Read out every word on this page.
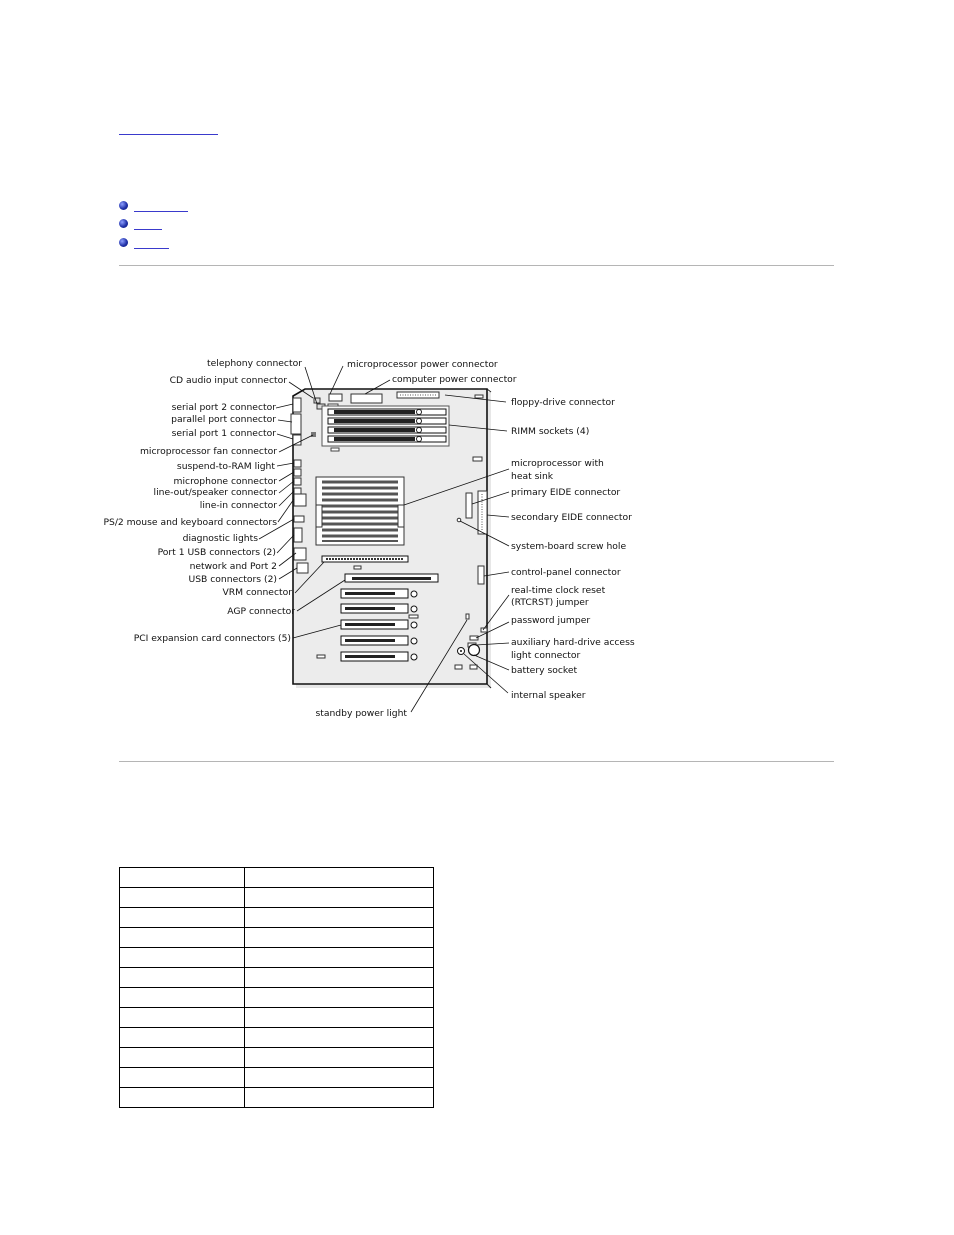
telephony connector
CD audio input connector
serial port 2 connector
parallel port connector
serial port 1 connector
microprocessor fan connector
suspend-to-RAM light
microphone connector
line-out/speaker connector
line-in connector
PS/2 mouse and keyboard connectors
diagnostic lights
Port 1 USB connectors (2)
network and Port 2
USB connectors (2)
VRM connector
AGP connector
PCI expansion card connectors (5)
microprocessor power connector
computer power connector
floppy-drive connector
RIMM sockets (4)
microprocessor with
heat sink
primary EIDE connector
secondary EIDE connector
system-board screw hole
control-panel connector
real-time clock reset
(RTCRST) jumper
password jumper
auxiliary hard-drive access
light connector
battery socket
internal speaker
standby power light
